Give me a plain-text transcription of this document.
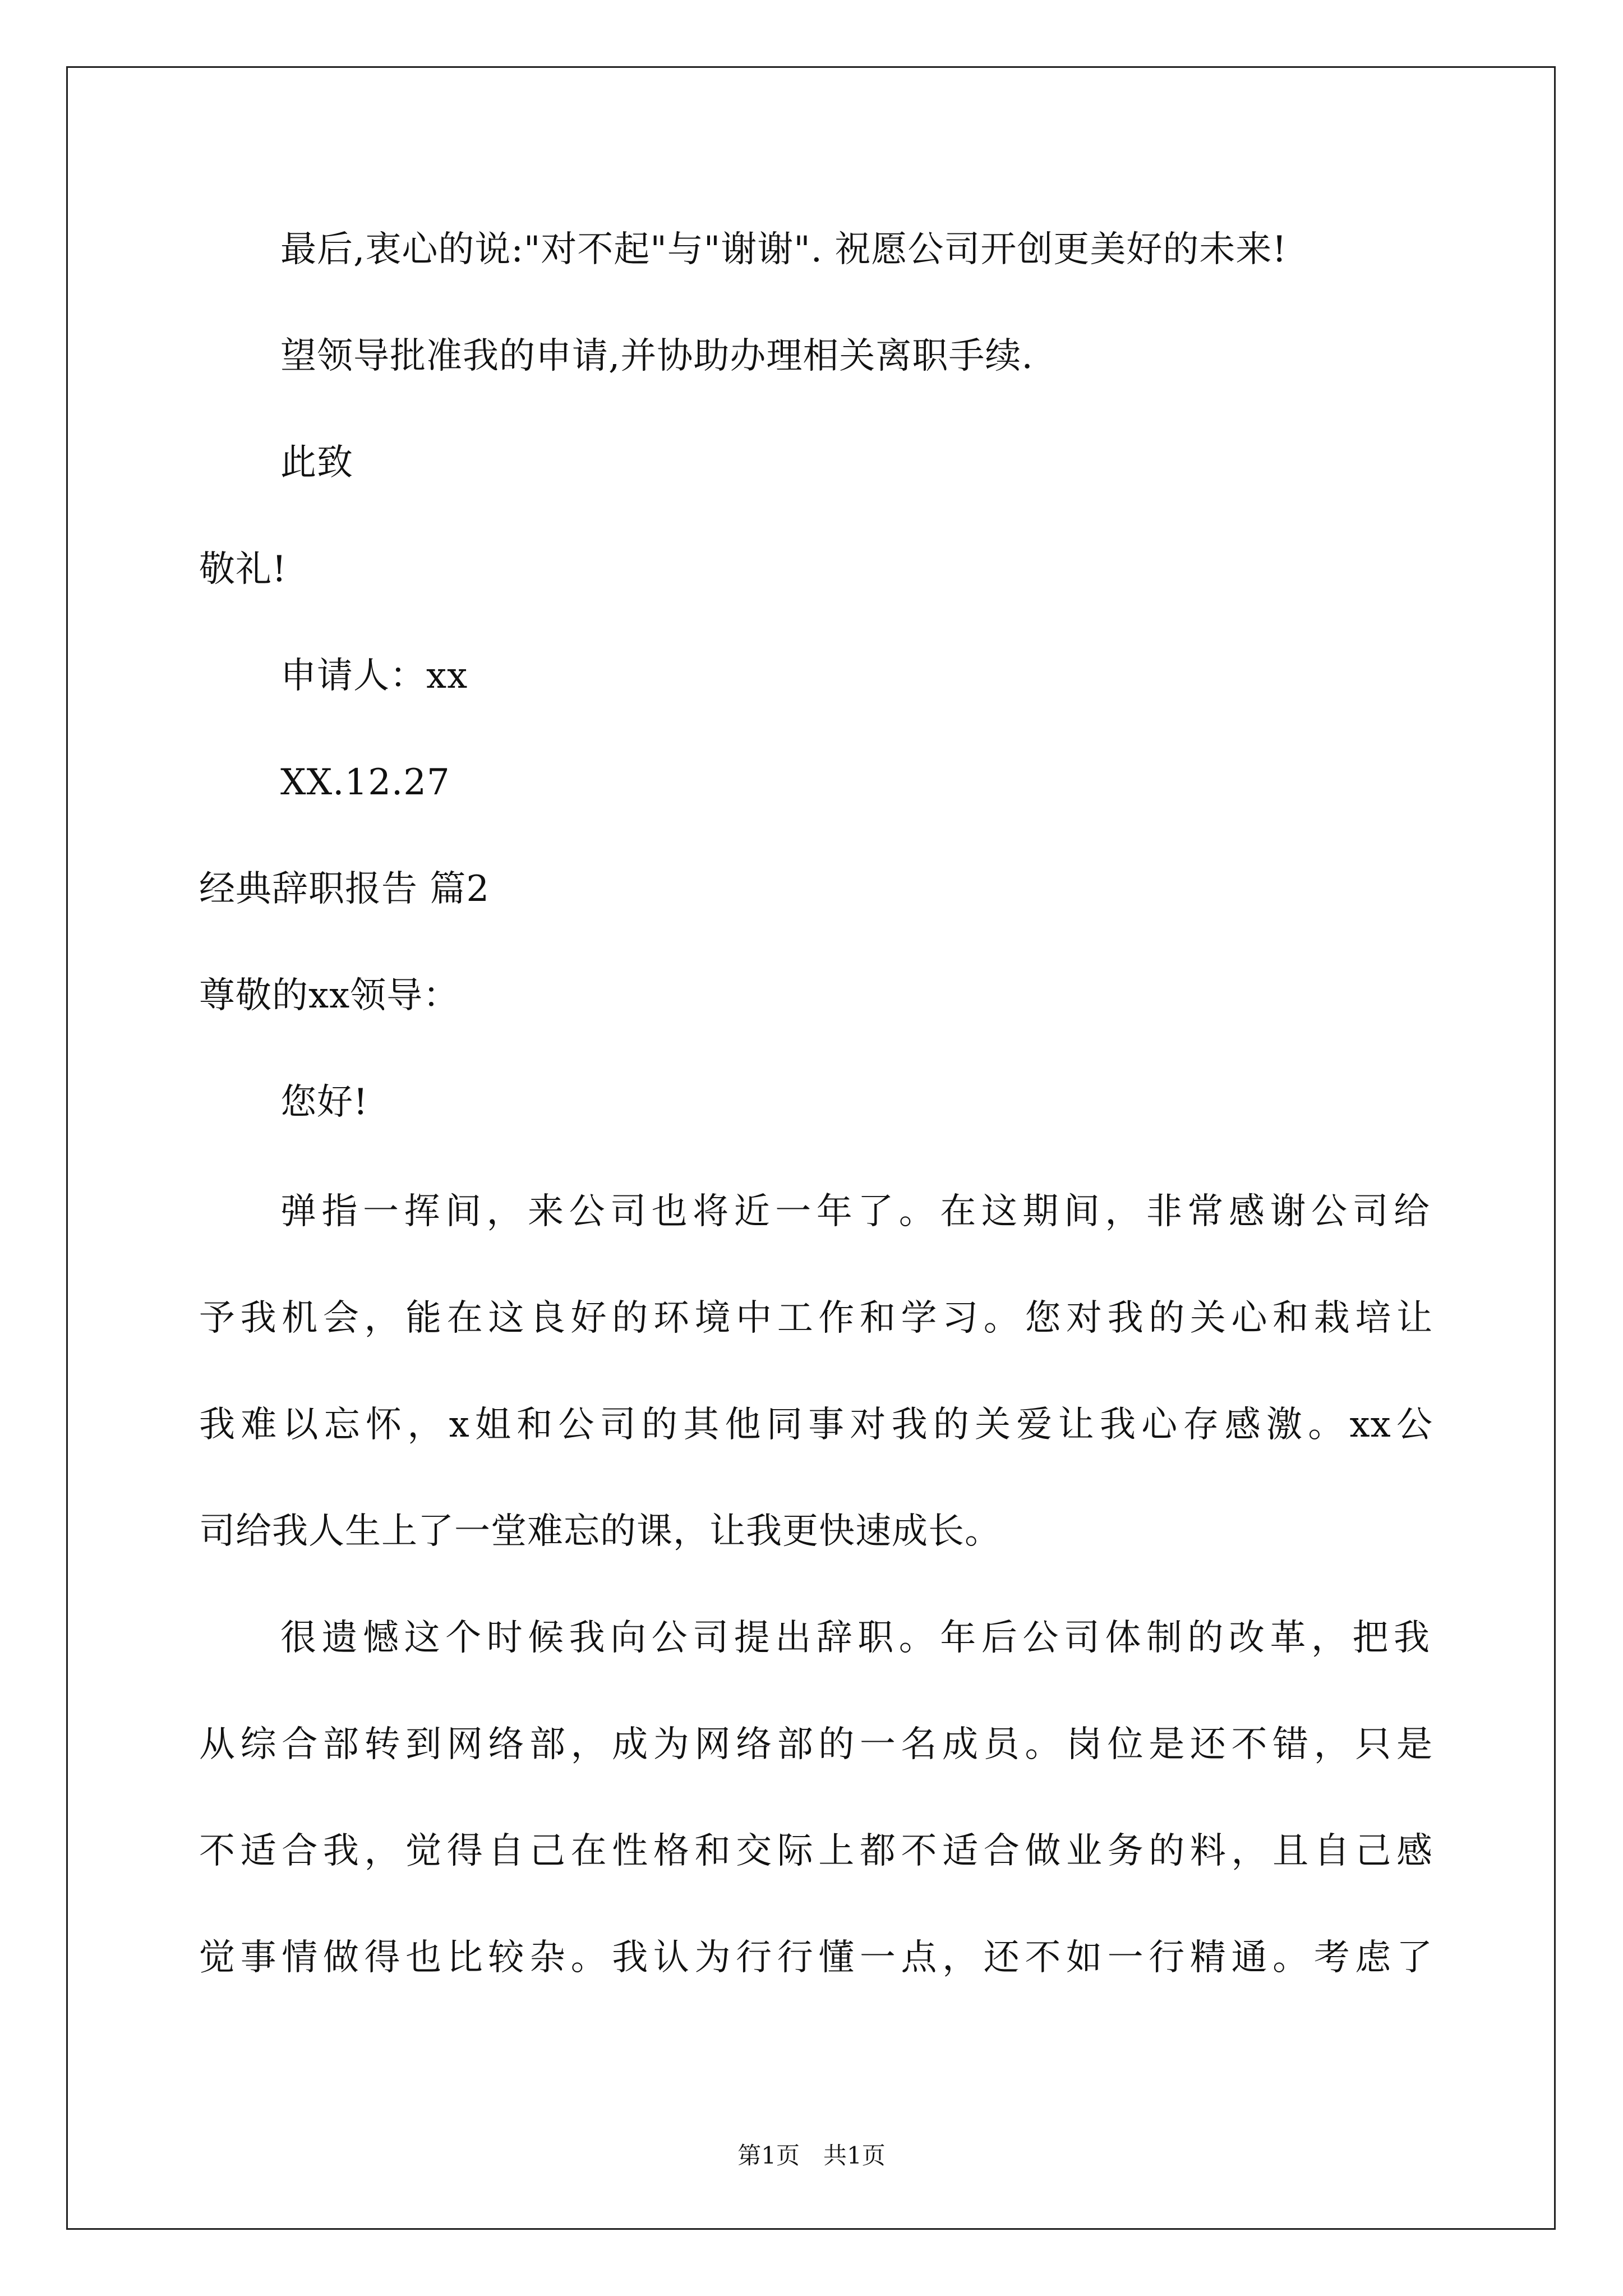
最后,衷心的说:"对不起"与"谢谢". 祝愿公司开创更美好的未来!
望领导批准我的申请,并协助办理相关离职手续.
此致
敬礼!
申请人：xx
XX.12.27
经典辞职报告 篇2
尊敬的xx领导：
您好!
弹指一挥间，来公司也将近一年了。在这期间，非常感谢公司给
予我机会，能在这良好的环境中工作和学习。您对我的关心和栽培让
我难以忘怀，x姐和公司的其他同事对我的关爱让我心存感激。xx公
司给我人生上了一堂难忘的课，让我更快速成长。
很遗憾这个时候我向公司提出辞职。年后公司体制的改革，把我
从综合部转到网络部，成为网络部的一名成员。岗位是还不错，只是
不适合我，觉得自己在性格和交际上都不适合做业务的料，且自己感
觉事情做得也比较杂。我认为行行懂一点，还不如一行精通。考虑了
第1页　共1页
